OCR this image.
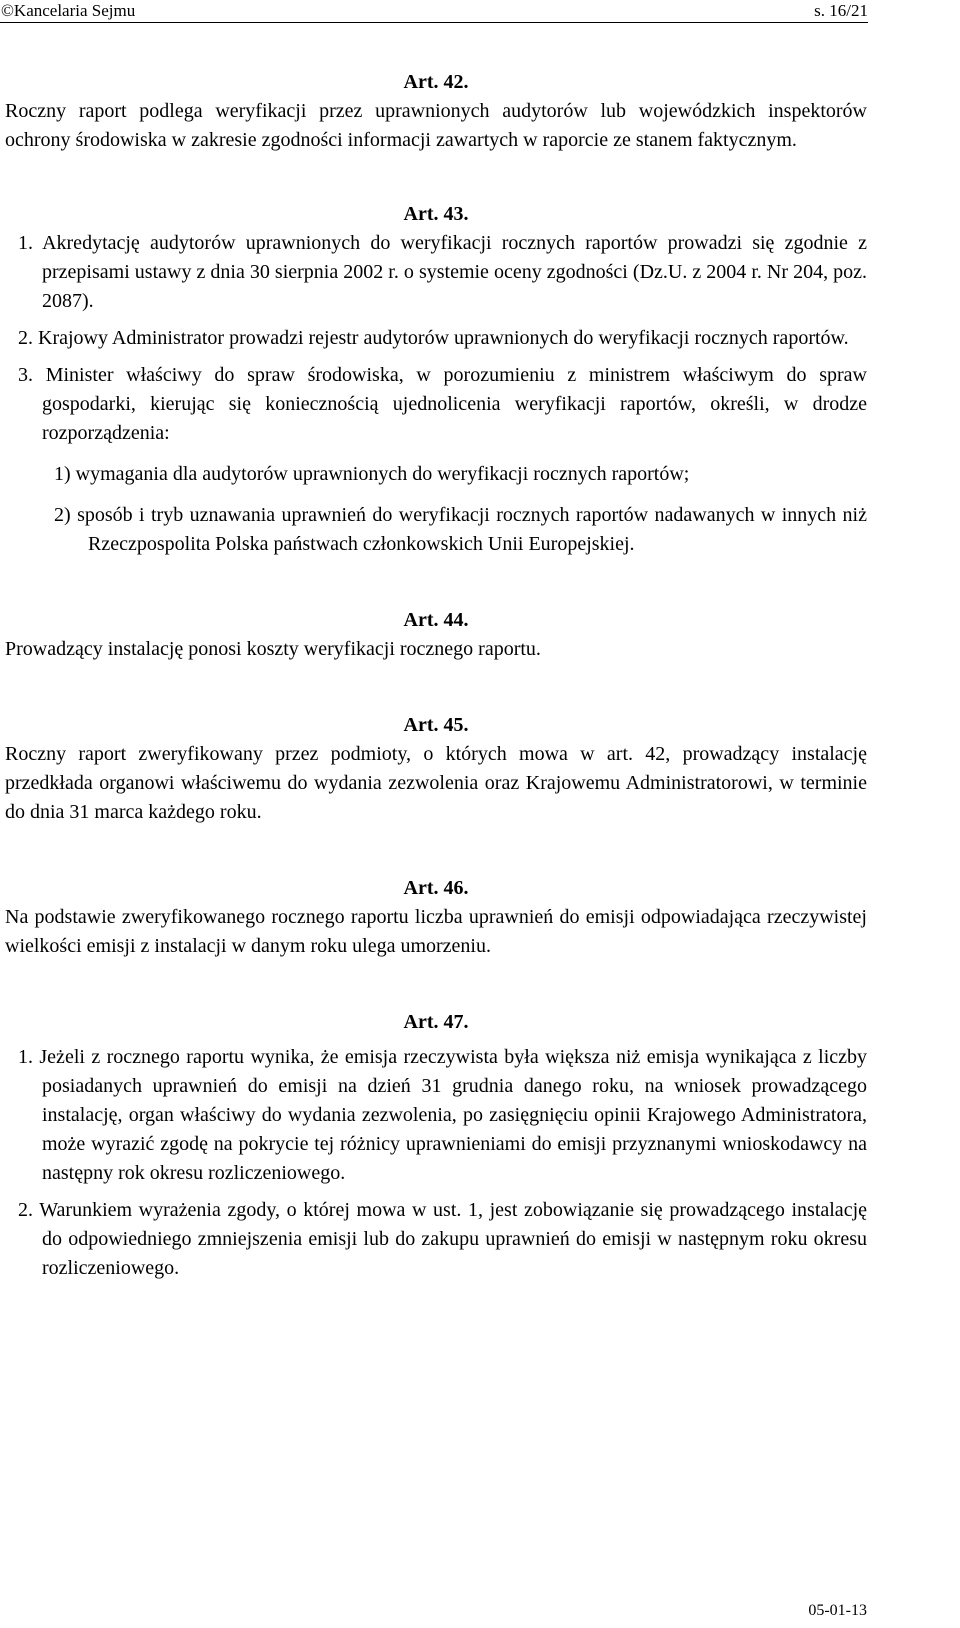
©Kancelaria Sejmu	s. 16/21

Art. 42.

Roczny raport podlega weryfikacji przez uprawnionych audytorów lub wojewódzkich inspektorów ochrony środowiska w zakresie zgodności informacji zawartych w raporcie ze stanem faktycznym.

Art. 43.

1. Akredytację audytorów uprawnionych do weryfikacji rocznych raportów prowadzi się zgodnie z przepisami ustawy z dnia 30 sierpnia 2002 r. o systemie oceny zgodności (Dz.U. z 2004 r. Nr 204, poz. 2087).

2. Krajowy Administrator prowadzi rejestr audytorów uprawnionych do weryfikacji rocznych raportów.

3. Minister właściwy do spraw środowiska, w porozumieniu z ministrem właściwym do spraw gospodarki, kierując się koniecznością ujednolicenia weryfikacji raportów, określi, w drodze rozporządzenia:

1) wymagania dla audytorów uprawnionych do weryfikacji rocznych raportów;

2) sposób i tryb uznawania uprawnień do weryfikacji rocznych raportów nadawanych w innych niż Rzeczpospolita Polska państwach członkowskich Unii Europejskiej.

Art. 44.

Prowadzący instalację ponosi koszty weryfikacji rocznego raportu.

Art. 45.

Roczny raport zweryfikowany przez podmioty, o których mowa w art. 42, prowadzący instalację przedkłada organowi właściwemu do wydania zezwolenia oraz Krajowemu Administratorowi, w terminie do dnia 31 marca każdego roku.

Art. 46.

Na podstawie zweryfikowanego rocznego raportu liczba uprawnień do emisji odpowiadająca rzeczywistej wielkości emisji z instalacji w danym roku ulega umorzeniu.

Art. 47.

1. Jeżeli z rocznego raportu wynika, że emisja rzeczywista była większa niż emisja wynikająca z liczby posiadanych uprawnień do emisji na dzień 31 grudnia danego roku, na wniosek prowadzącego instalację, organ właściwy do wydania zezwolenia, po zasięgnięciu opinii Krajowego Administratora, może wyrazić zgodę na pokrycie tej różnicy uprawnieniami do emisji przyznanymi wnioskodawcy na następny rok okresu rozliczeniowego.

2. Warunkiem wyrażenia zgody, o której mowa w ust. 1, jest zobowiązanie się prowadzącego instalację do odpowiedniego zmniejszenia emisji lub do zakupu uprawnień do emisji w następnym roku okresu rozliczeniowego.

05-01-13
